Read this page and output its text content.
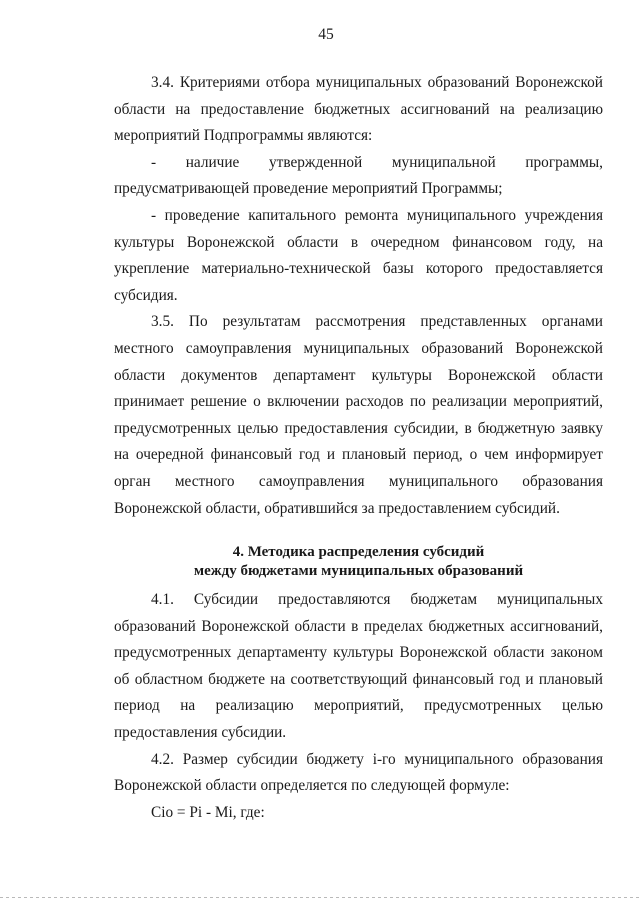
45

3.4. Критериями отбора муниципальных образований Воронежской области на предоставление бюджетных ассигнований на реализацию мероприятий Подпрограммы являются:

- наличие утвержденной муниципальной программы, предусматривающей проведение мероприятий Программы;

- проведение капитального ремонта муниципального учреждения культуры Воронежской области в очередном финансовом году, на укрепление материально-технической базы которого предоставляется субсидия.

3.5. По результатам рассмотрения представленных органами местного самоуправления муниципальных образований Воронежской области документов департамент культуры Воронежской области принимает решение о включении расходов по реализации мероприятий, предусмотренных целью предоставления субсидии, в бюджетную заявку на очередной финансовый год и плановый период, о чем информирует орган местного самоуправления муниципального образования Воронежской области, обратившийся за предоставлением субсидий.

4. Методика распределения субсидий
между бюджетами муниципальных образований

4.1. Субсидии предоставляются бюджетам муниципальных образований Воронежской области в пределах бюджетных ассигнований, предусмотренных департаменту культуры Воронежской области законом об областном бюджете на соответствующий финансовый год и плановый период на реализацию мероприятий, предусмотренных целью предоставления субсидии.

4.2. Размер субсидии бюджету i-го муниципального образования Воронежской области определяется по следующей формуле:

Сio = Pi - Mi, где:
